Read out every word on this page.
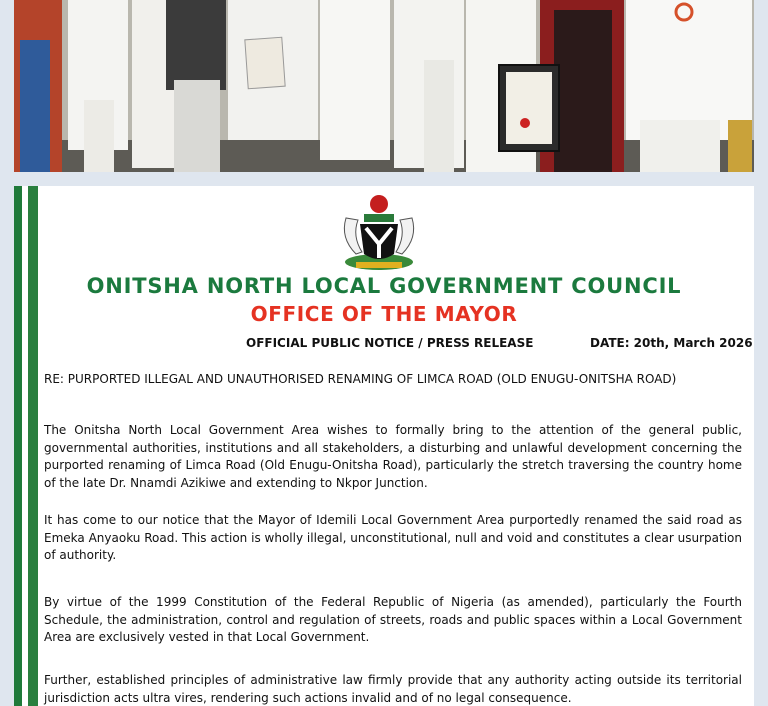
ONITSHA NORTH LOCAL GOVERNMENT COUNCIL
OFFICE OF THE MAYOR
OFFICIAL PUBLIC NOTICE / PRESS RELEASE	DATE: 20th, March 2026
RE: PURPORTED ILLEGAL AND UNAUTHORISED RENAMING OF LIMCA ROAD (OLD ENUGU-ONITSHA ROAD)
The Onitsha North Local Government Area wishes to formally bring to the attention of the general public, governmental authorities, institutions and all stakeholders, a disturbing and unlawful development concerning the purported renaming of Limca Road (Old Enugu-Onitsha Road), particularly the stretch traversing the country home of the late Dr. Nnamdi Azikiwe and extending to Nkpor Junction.
It has come to our notice that the Mayor of Idemili Local Government Area purportedly renamed the said road as Emeka Anyaoku Road. This action is wholly illegal, unconstitutional, null and void and constitutes a clear usurpation of authority.
By virtue of the 1999 Constitution of the Federal Republic of Nigeria (as amended), particularly the Fourth Schedule, the administration, control and regulation of streets, roads and public spaces within a Local Government Area are exclusively vested in that Local Government.
Further, established principles of administrative law firmly provide that any authority acting outside its territorial jurisdiction acts ultra vires, rendering such actions invalid and of no legal consequence.
